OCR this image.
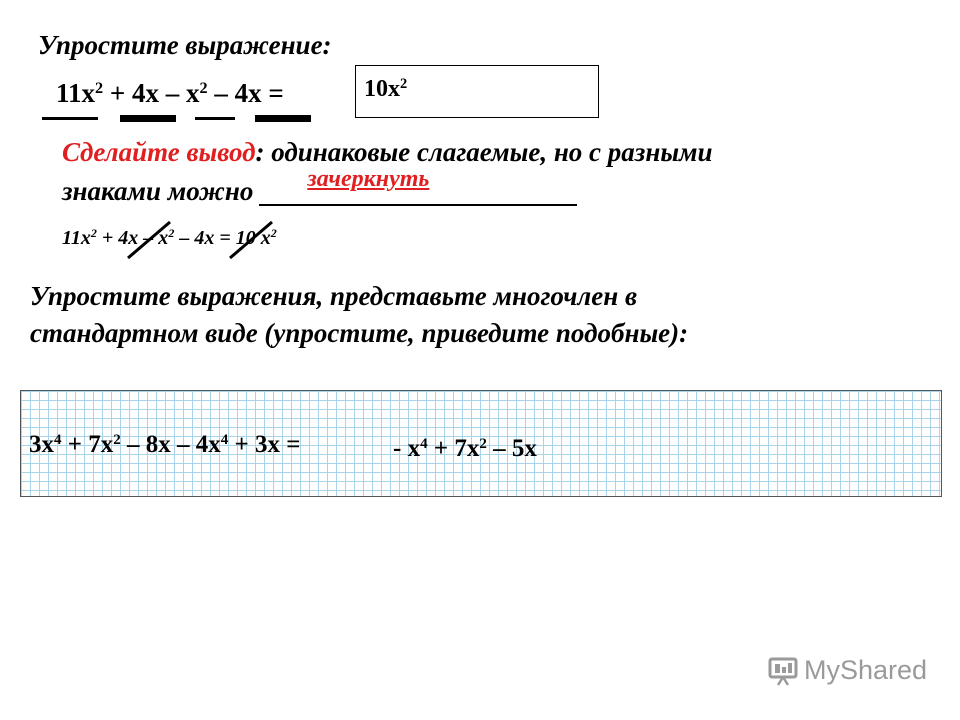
Упростите выражение:
$11x^2 + 4x - x^2 - 4x$ =	$10x^2$
Сделайте вывод: одинаковые слагаемые, но с разными
знаками можно зачеркнуть
$11x^2 + 4x - x^2 - 4x = 10$ $x^2$
Упростите выражения, представьте многочлен в
стандартном виде (упростите, приведите подобные):
$3x^4 + 7x^2 - 8x - 4x^4 + 3x$ =	- $x^4 + 7x^2 - 5x$
MyShared
